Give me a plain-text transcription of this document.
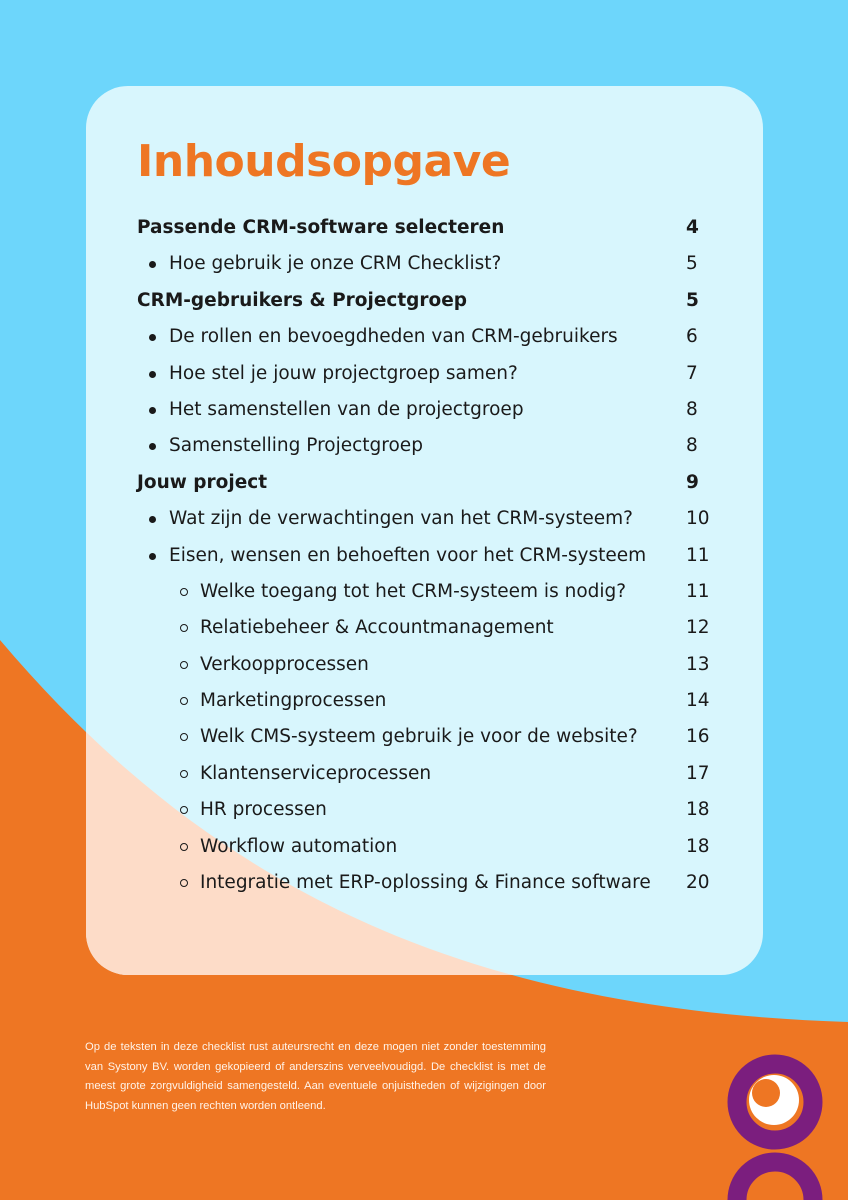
Inhoudsopgave
Passende CRM-software selecteren	4
Hoe gebruik je onze CRM Checklist?	5
CRM-gebruikers & Projectgroep	5
De rollen en bevoegdheden van CRM-gebruikers	6
Hoe stel je jouw projectgroep samen?	7
Het samenstellen van de projectgroep	8
Samenstelling Projectgroep	8
Jouw project	9
Wat zijn de verwachtingen van het CRM-systeem?	10
Eisen, wensen en behoeften voor het CRM-systeem 11
Welke toegang tot het CRM-systeem is nodig?	11
Relatiebeheer & Accountmanagement	12
Verkoopprocessen	13
Marketingprocessen	14
Welk CMS-systeem gebruik je voor de website?	16
Klantenserviceprocessen	17
HR processen	18
Workflow automation	18
Integratie met ERP-oplossing & Finance software 20

Op de teksten in deze checklist rust auteursrecht en deze mogen niet zonder toestemming van Systony BV. worden gekopieerd of anderszins verveelvoudigd. De checklist is met de meest grote zorgvuldigheid samengesteld. Aan eventuele onjuistheden of wijzigingen door HubSpot kunnen geen rechten worden ontleend.
